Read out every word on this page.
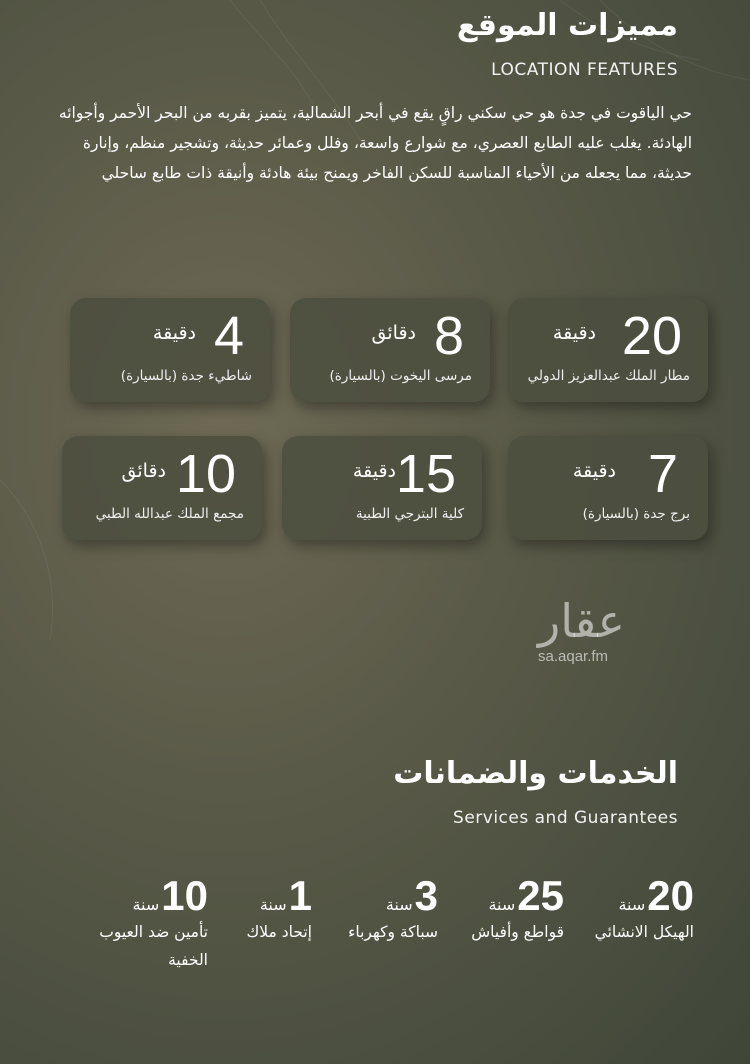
مميزات الموقع
LOCATION FEATURES
حي الياقوت في جدة هو حي سكني راقٍ يقع في أبحر الشمالية، يتميز بقربه من البحر الأحمر وأجوائه الهادئة. يغلب عليه الطابع العصري، مع شوارع واسعة، وفلل وعمائر حديثة، وتشجير منظم، وإنارة حديثة، مما يجعله من الأحياء المناسبة للسكن الفاخر ويمنح بيئة هادئة وأنيقة ذات طابع ساحلي
20
دقيقة
مطار الملك عبدالعزيز الدولي
8
دقائق
مرسى اليخوت (بالسيارة)
4
دقيقة
شاطيء جدة (بالسيارة)
7
دقيقة
برج جدة (بالسيارة)
15
دقيقة
كلية البترجي الطبية
10
دقائق
مجمع الملك عبدالله الطبي
عقار
sa.aqar.fm
الخدمات والضمانات
Services and Guarantees
20سنة
الهيكل الانشائي
25سنة
قواطع وأفياش
3سنة
سباكة وكهرباء
1سنة
إتحاد ملاك
10سنة
تأمين ضد العيوب الخفية
